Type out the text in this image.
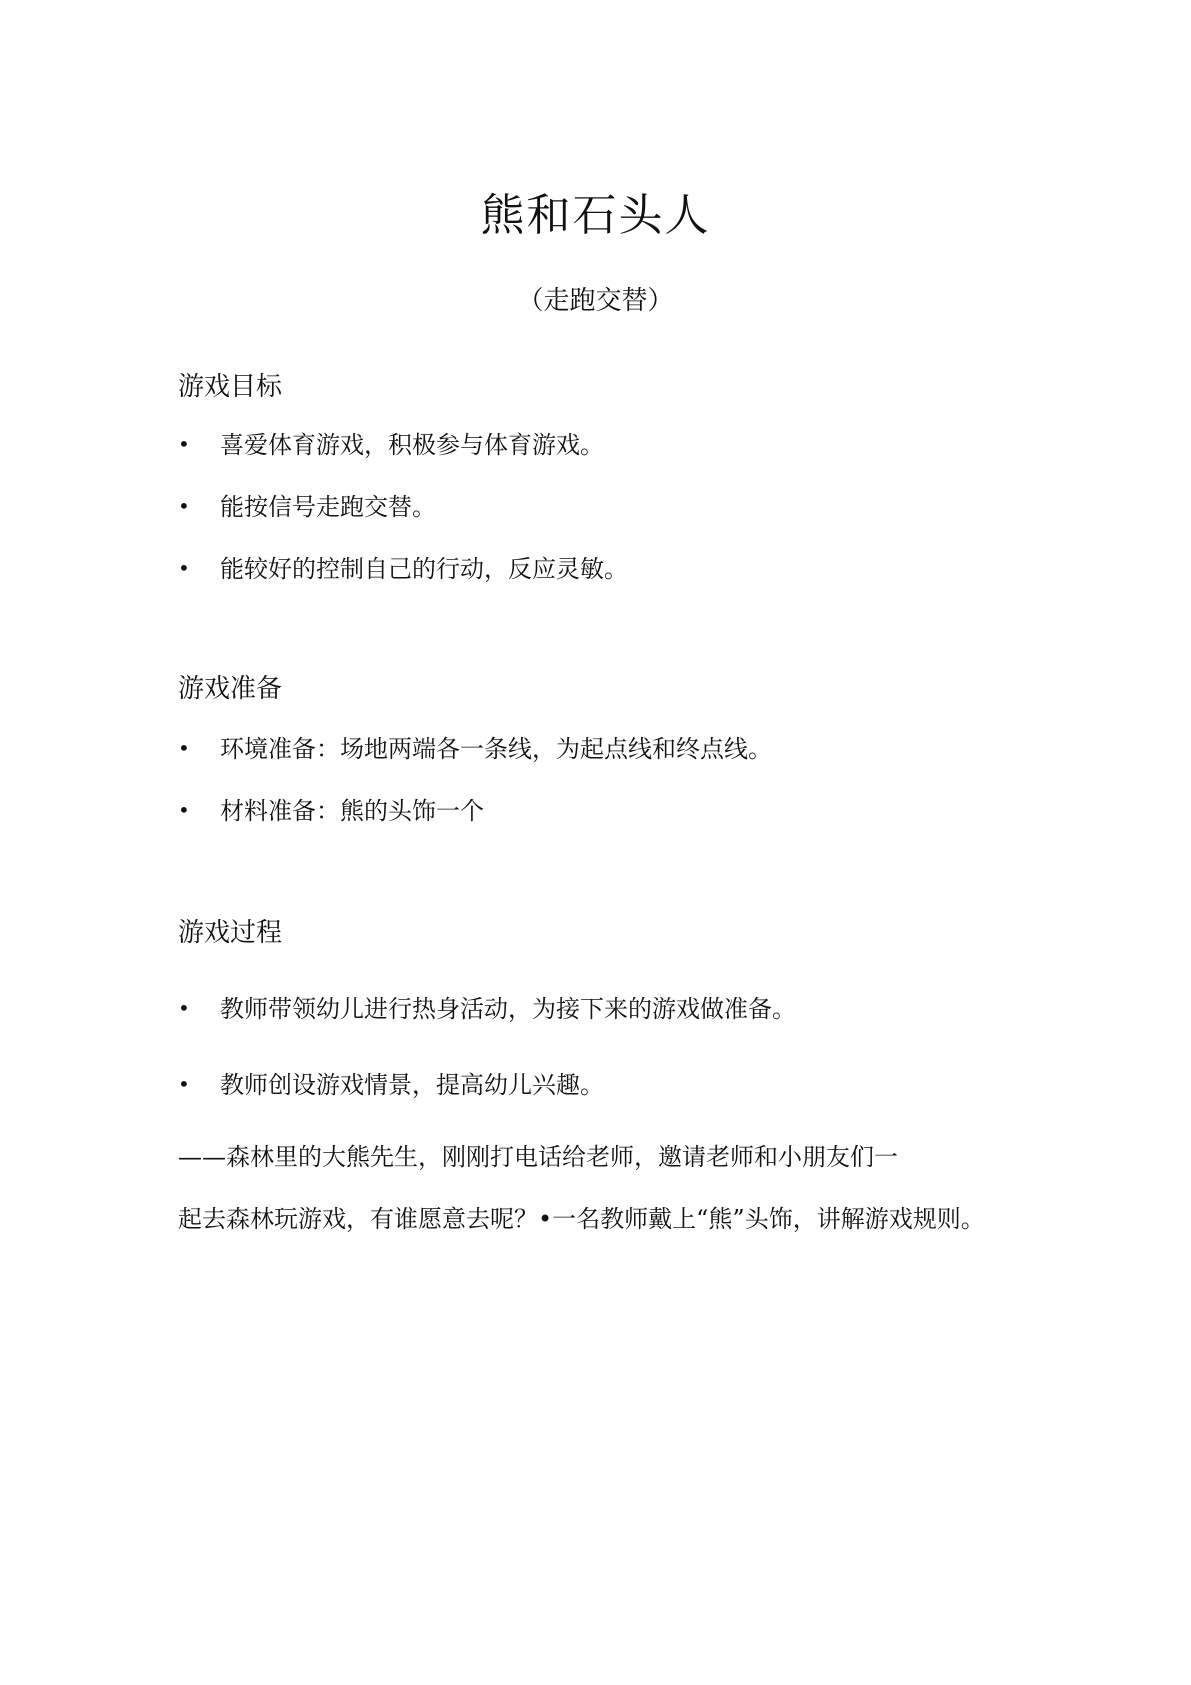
熊和石头人
（走跑交替）
游戏目标
• 喜爱体育游戏，积极参与体育游戏。
• 能按信号走跑交替。
• 能较好的控制自己的行动，反应灵敏。
游戏准备
• 环境准备：场地两端各一条线，为起点线和终点线。
• 材料准备：熊的头饰一个
游戏过程
• 教师带领幼儿进行热身活动，为接下来的游戏做准备。
• 教师创设游戏情景，提高幼儿兴趣。
——森林里的大熊先生，刚刚打电话给老师，邀请老师和小朋友们一
起去森林玩游戏，有谁愿意去呢？•一名教师戴上“熊”头饰，讲解游戏规则。
